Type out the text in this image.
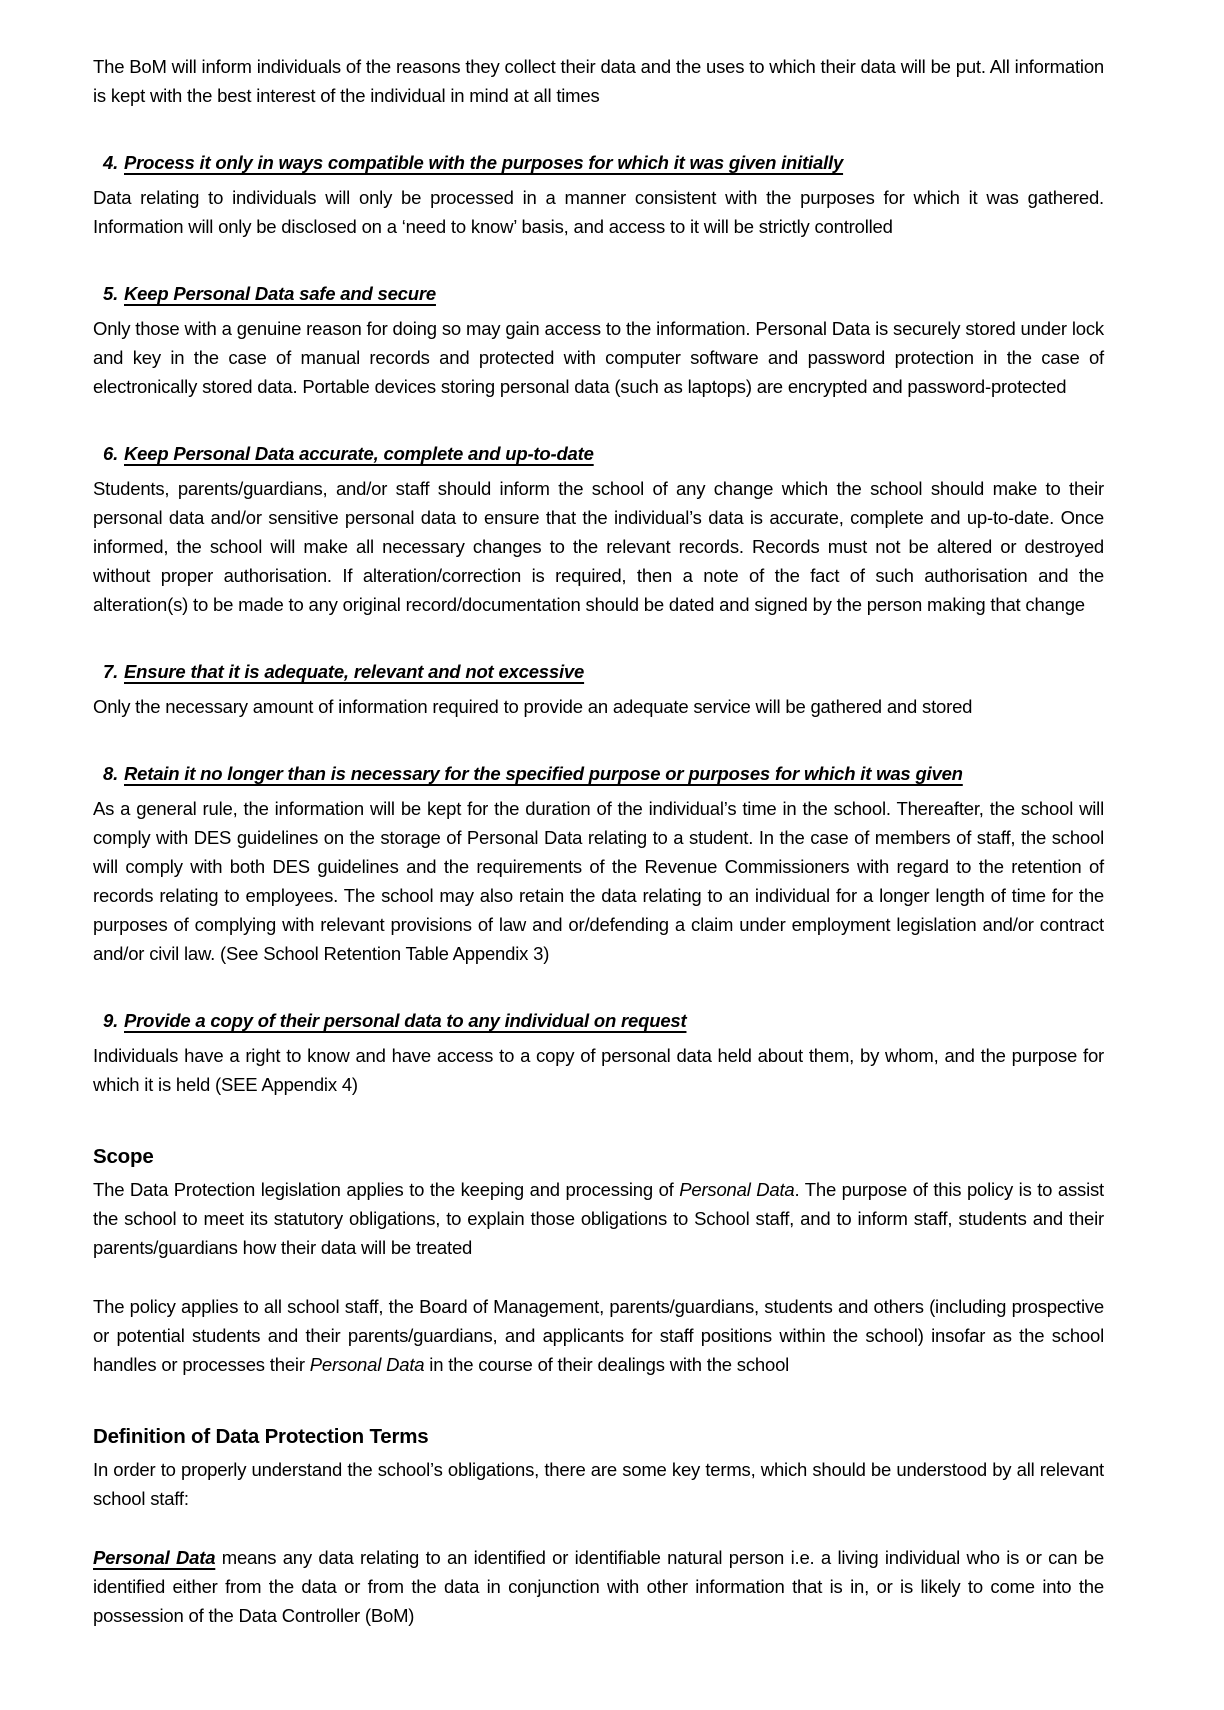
The BoM will inform individuals of the reasons they collect their data and the uses to which their data will be put. All information is kept with the best interest of the individual in mind at all times

4. Process it only in ways compatible with the purposes for which it was given initially

Data relating to individuals will only be processed in a manner consistent with the purposes for which it was gathered. Information will only be disclosed on a ‘need to know’ basis, and access to it will be strictly controlled

5. Keep Personal Data safe and secure

Only those with a genuine reason for doing so may gain access to the information. Personal Data is securely stored under lock and key in the case of manual records and protected with computer software and password protection in the case of electronically stored data. Portable devices storing personal data (such as laptops) are encrypted and password-protected

6. Keep Personal Data accurate, complete and up-to-date

Students, parents/guardians, and/or staff should inform the school of any change which the school should make to their personal data and/or sensitive personal data to ensure that the individual’s data is accurate, complete and up-to-date. Once informed, the school will make all necessary changes to the relevant records. Records must not be altered or destroyed without proper authorisation. If alteration/correction is required, then a note of the fact of such authorisation and the alteration(s) to be made to any original record/documentation should be dated and signed by the person making that change

7. Ensure that it is adequate, relevant and not excessive

Only the necessary amount of information required to provide an adequate service will be gathered and stored

8. Retain it no longer than is necessary for the specified purpose or purposes for which it was given

As a general rule, the information will be kept for the duration of the individual’s time in the school. Thereafter, the school will comply with DES guidelines on the storage of Personal Data relating to a student. In the case of members of staff, the school will comply with both DES guidelines and the requirements of the Revenue Commissioners with regard to the retention of records relating to employees. The school may also retain the data relating to an individual for a longer length of time for the purposes of complying with relevant provisions of law and or/defending a claim under employment legislation and/or contract and/or civil law. (See School Retention Table Appendix 3)

9. Provide a copy of their personal data to any individual on request

Individuals have a right to know and have access to a copy of personal data held about them, by whom, and the purpose for which it is held (SEE Appendix 4)

Scope

The Data Protection legislation applies to the keeping and processing of Personal Data. The purpose of this policy is to assist the school to meet its statutory obligations, to explain those obligations to School staff, and to inform staff, students and their parents/guardians how their data will be treated

The policy applies to all school staff, the Board of Management, parents/guardians, students and others (including prospective or potential students and their parents/guardians, and applicants for staff positions within the school) insofar as the school handles or processes their Personal Data in the course of their dealings with the school

Definition of Data Protection Terms

In order to properly understand the school’s obligations, there are some key terms, which should be understood by all relevant school staff:

Personal Data means any data relating to an identified or identifiable natural person i.e. a living individual who is or can be identified either from the data or from the data in conjunction with other information that is in, or is likely to come into the possession of the Data Controller (BoM)
